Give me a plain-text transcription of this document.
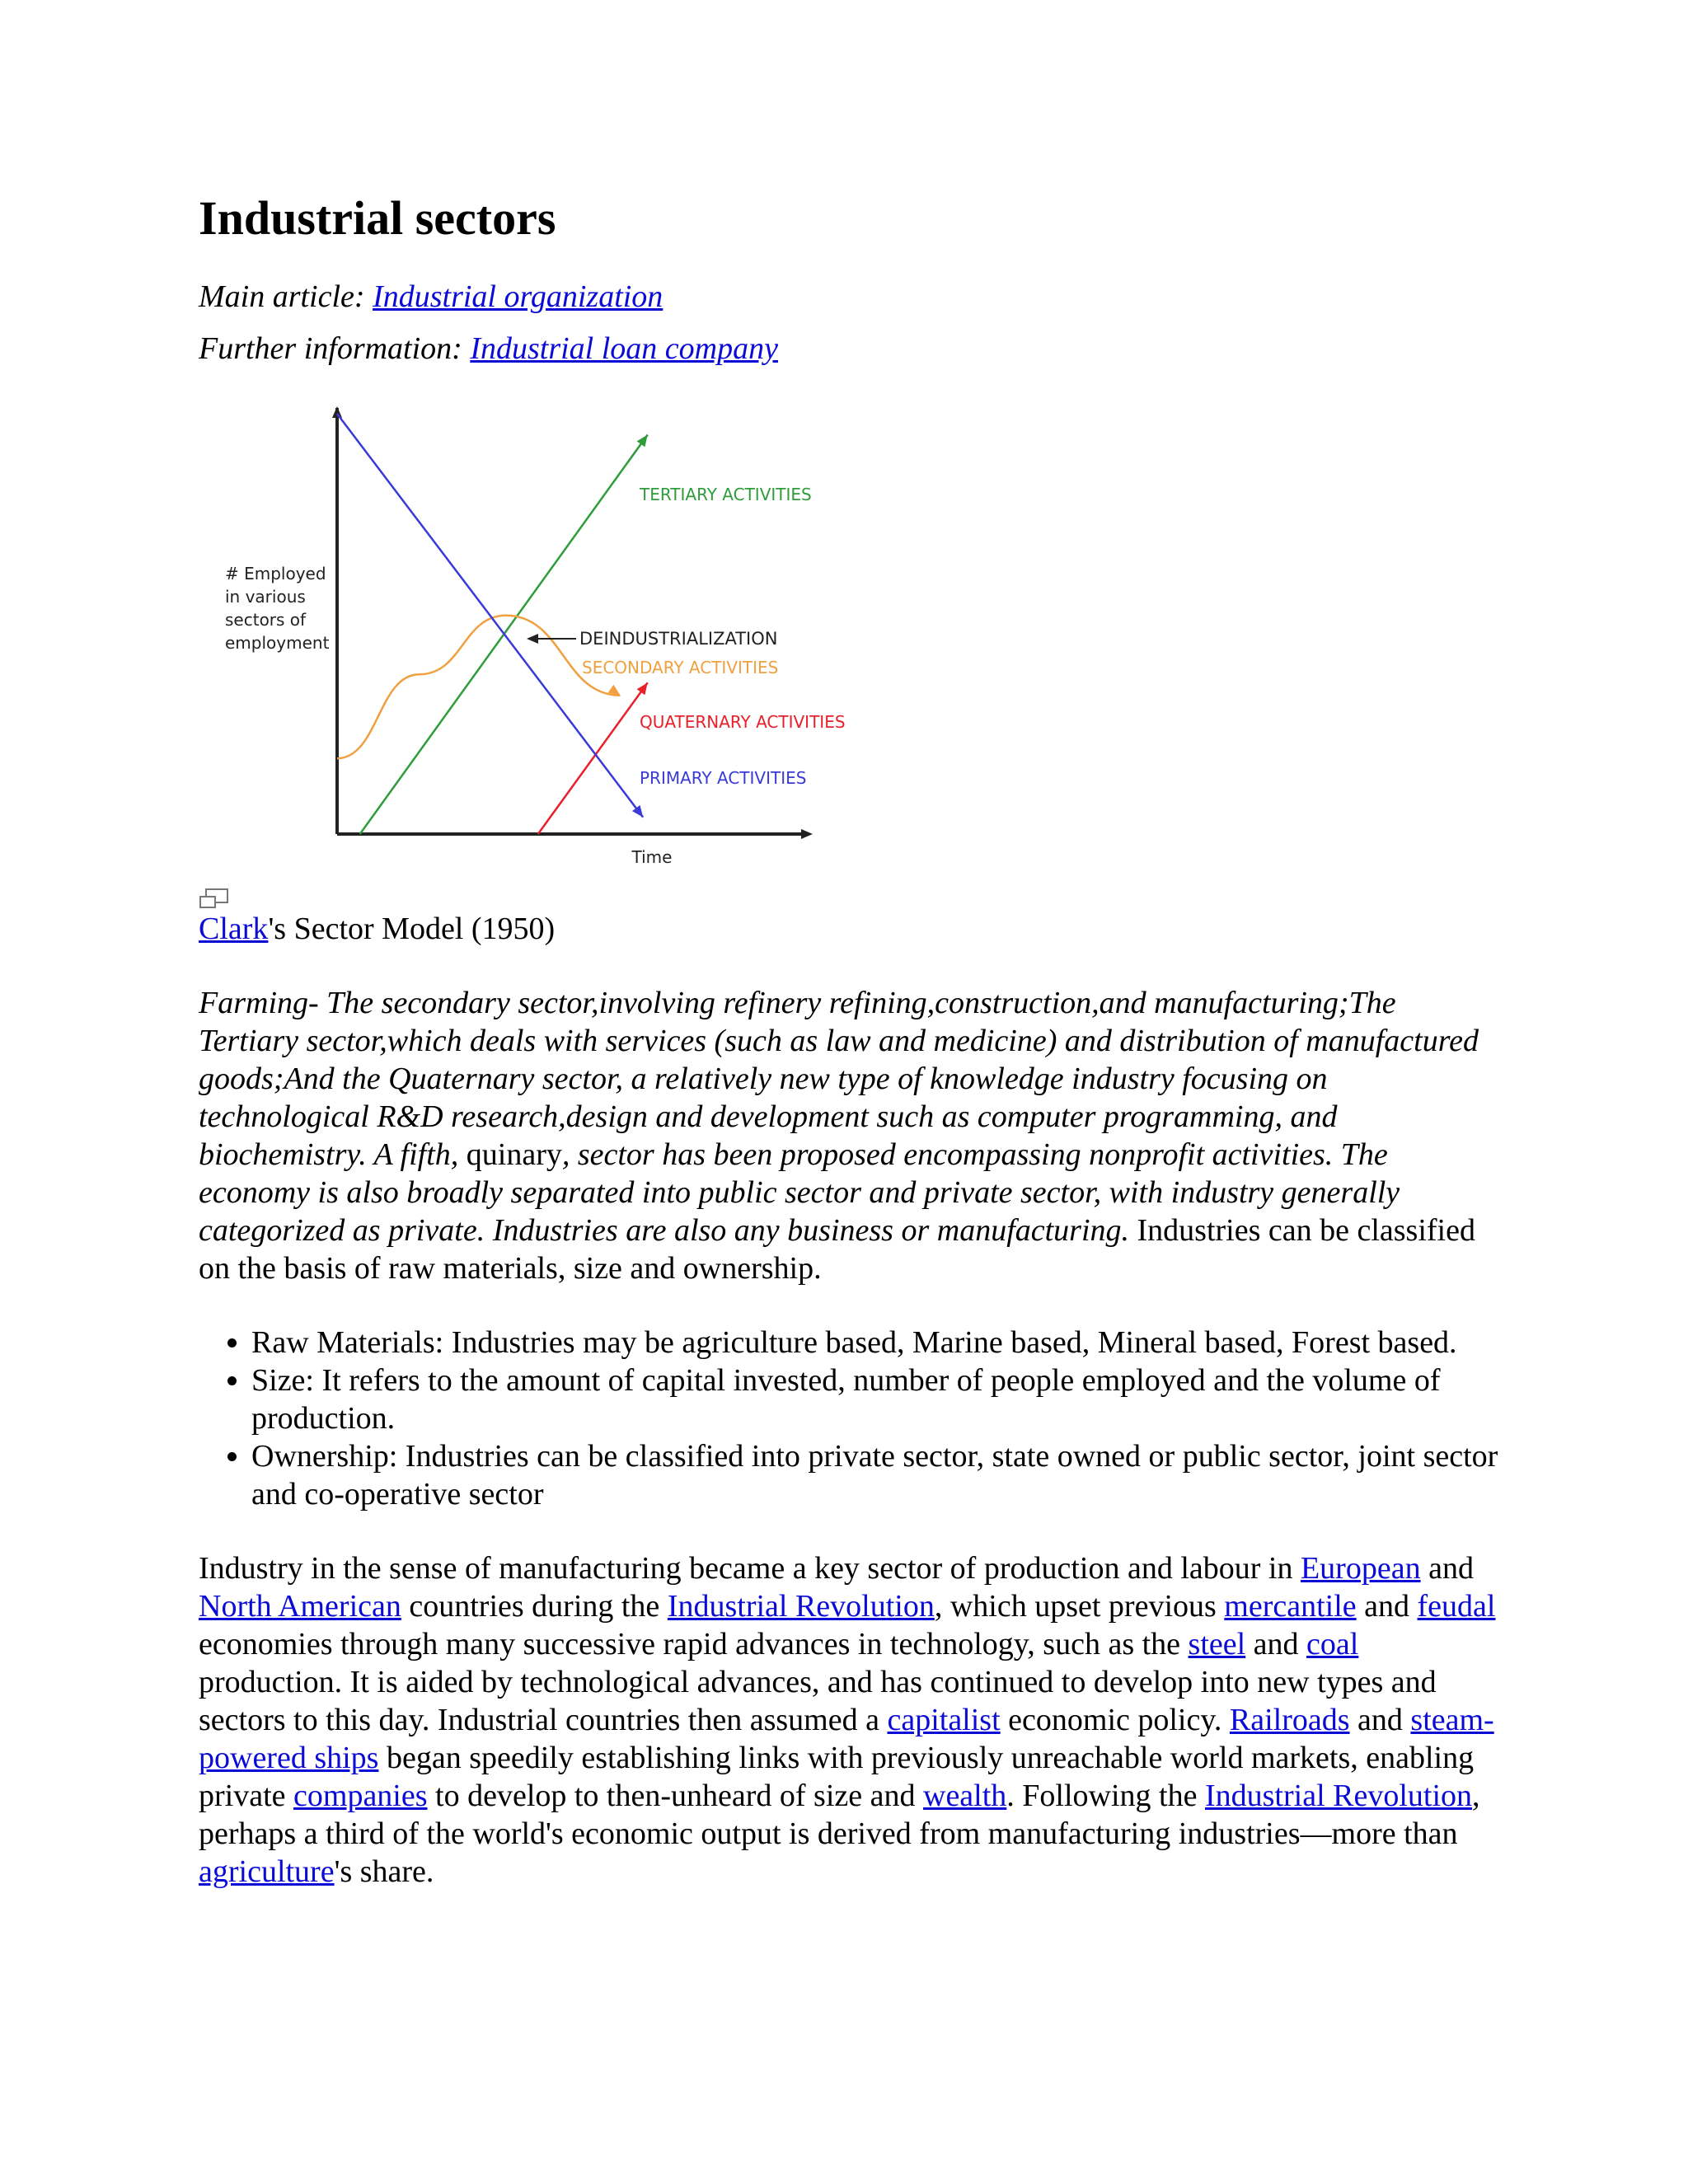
Industrial sectors

Main article: Industrial organization

Further information: Industrial loan company

TERTIARY ACTIVITIES
SECONDARY ACTIVITIES
QUATERNARY ACTIVITIES
PRIMARY ACTIVITIES
DEINDUSTRIALIZATION
# Employed
in various
sectors of
employment
Time

Clark's Sector Model (1950)

Farming- The secondary sector,involving refinery refining,construction,and manufacturing;The Tertiary sector,which deals with services (such as law and medicine) and distribution of manufactured goods;And the Quaternary sector, a relatively new type of knowledge industry focusing on technological R&D research,design and development such as computer programming, and biochemistry. A fifth, quinary, sector has been proposed encompassing nonprofit activities. The economy is also broadly separated into public sector and private sector, with industry generally categorized as private. Industries are also any business or manufacturing. Industries can be classified on the basis of raw materials, size and ownership.

• Raw Materials: Industries may be agriculture based, Marine based, Mineral based, Forest based.
• Size: It refers to the amount of capital invested, number of people employed and the volume of production.
• Ownership: Industries can be classified into private sector, state owned or public sector, joint sector and co-operative sector

Industry in the sense of manufacturing became a key sector of production and labour in European and North American countries during the Industrial Revolution, which upset previous mercantile and feudal economies through many successive rapid advances in technology, such as the steel and coal production. It is aided by technological advances, and has continued to develop into new types and sectors to this day. Industrial countries then assumed a capitalist economic policy. Railroads and steam-powered ships began speedily establishing links with previously unreachable world markets, enabling private companies to develop to then-unheard of size and wealth. Following the Industrial Revolution, perhaps a third of the world's economic output is derived from manufacturing industries—more than agriculture's share.
